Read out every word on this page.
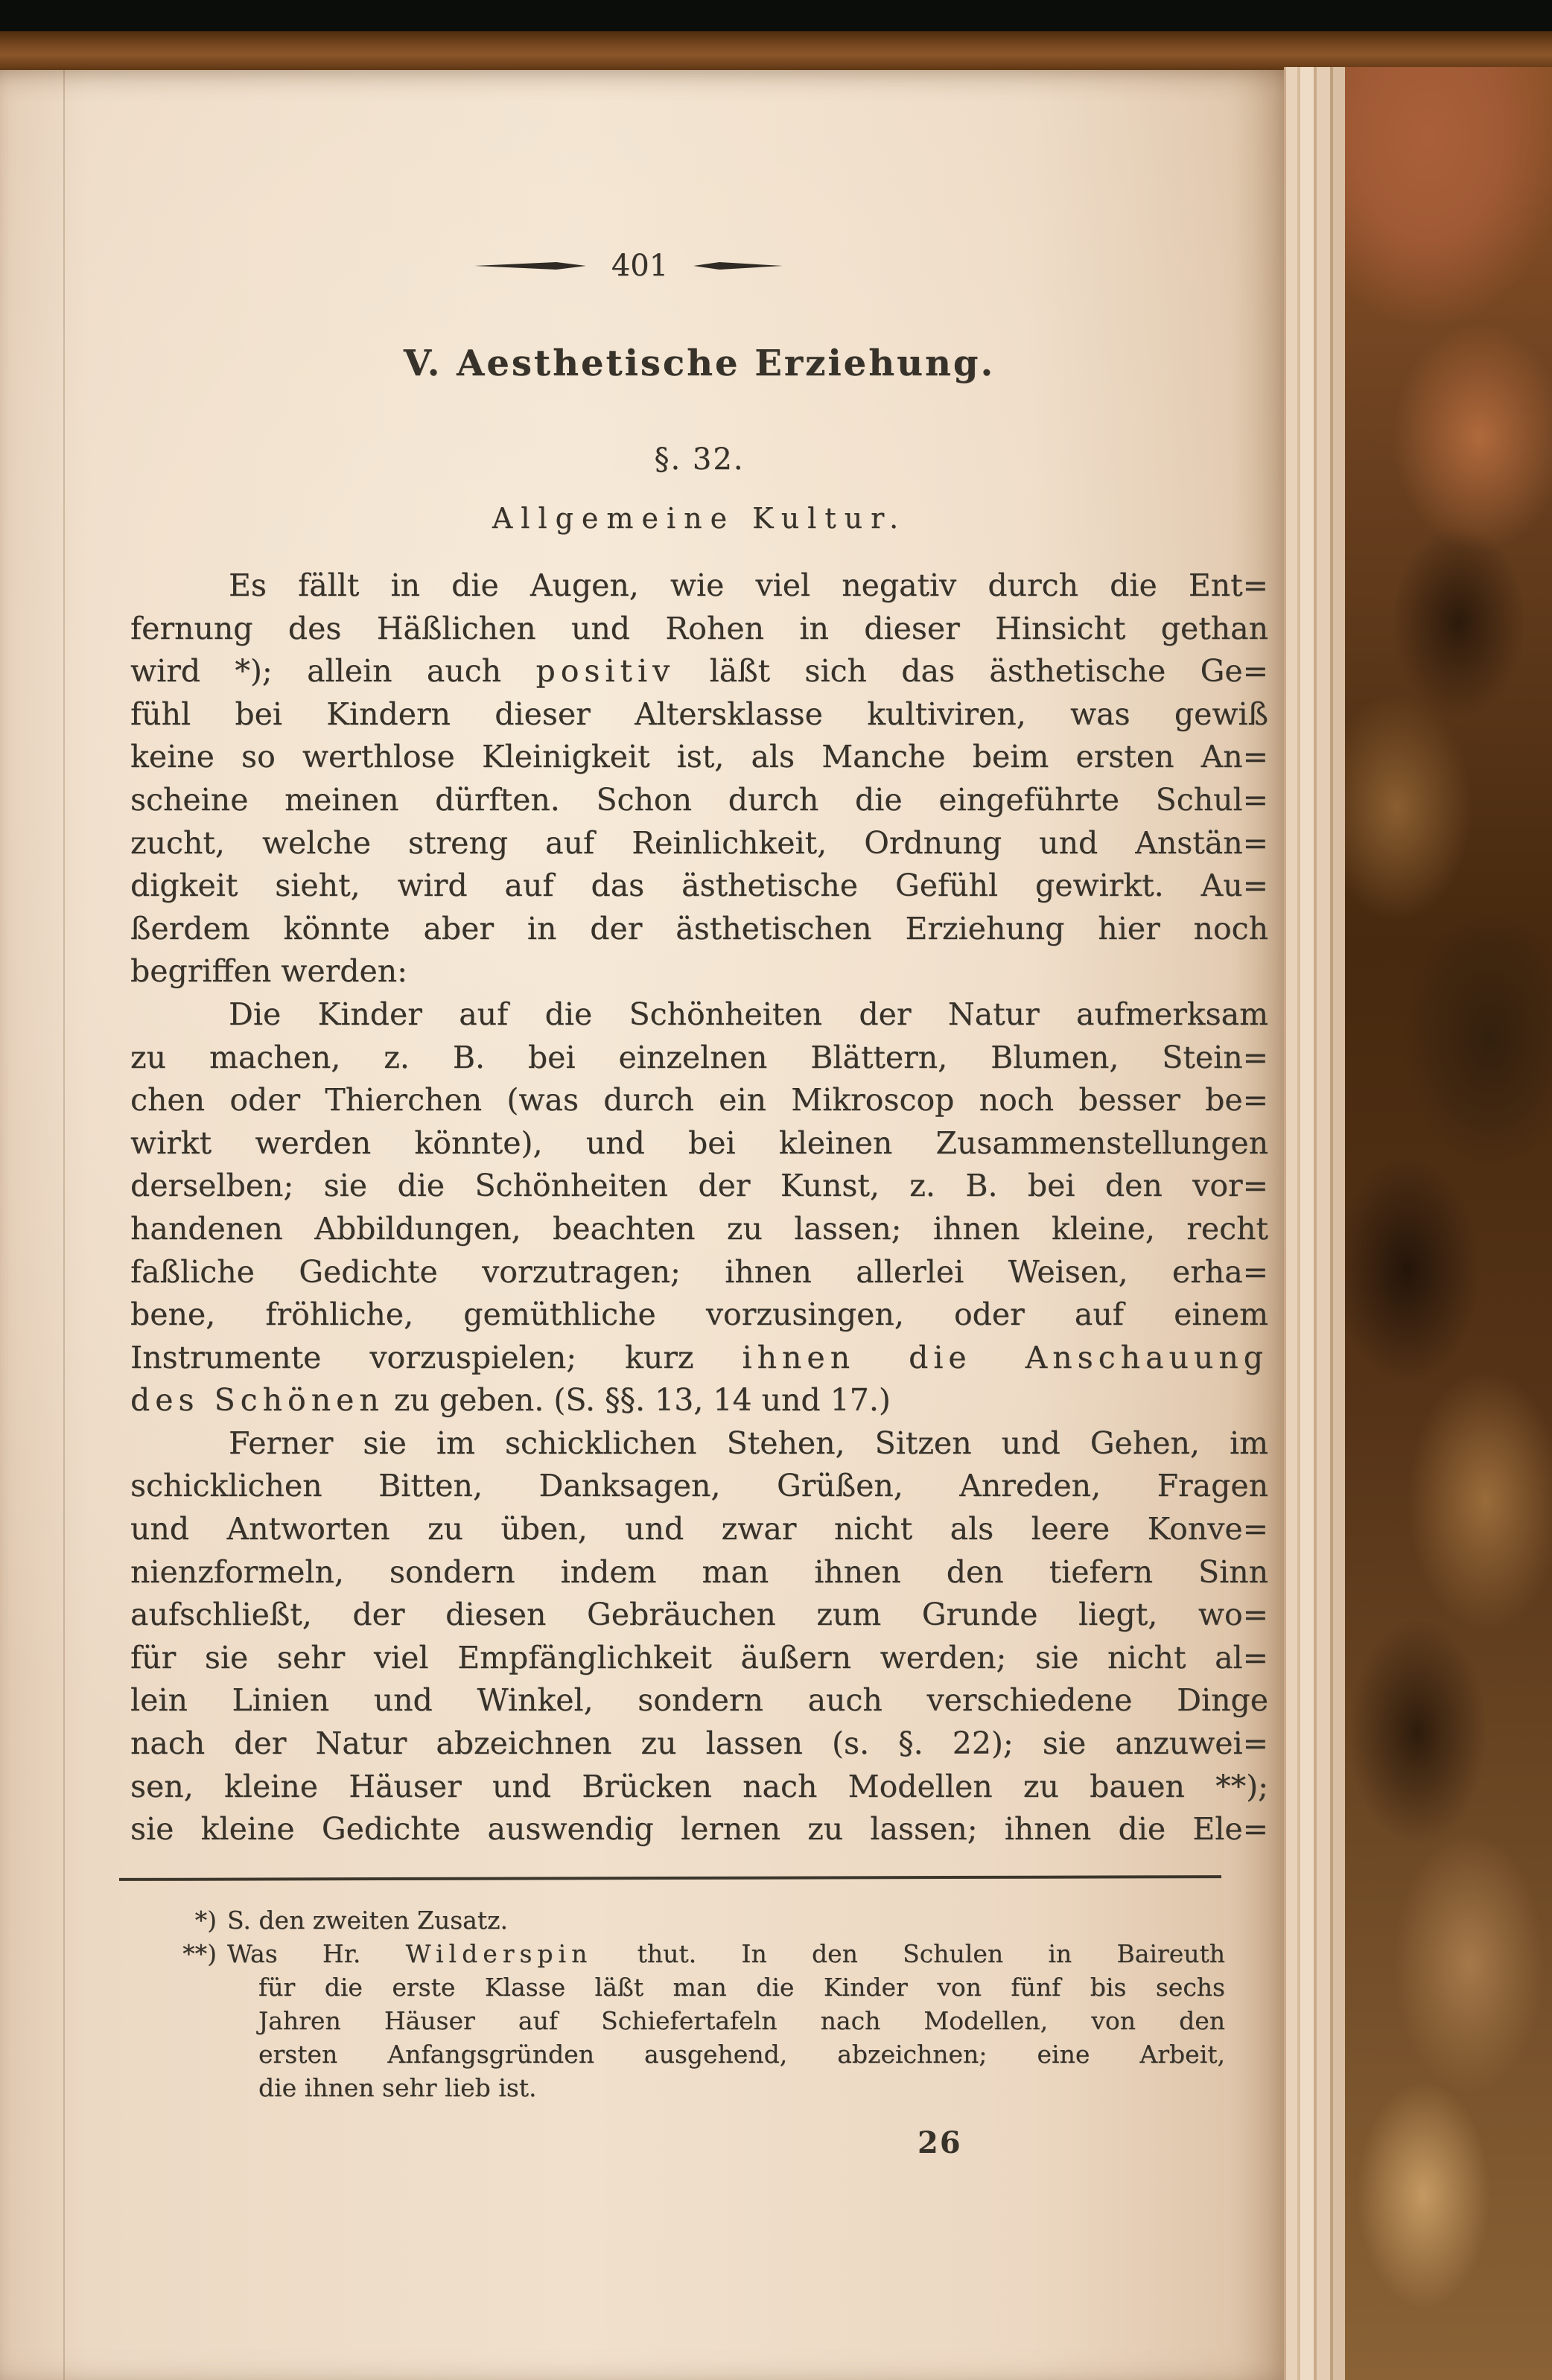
401
V. Aesthetische Erziehung.
§. 32.
Allgemeine Kultur.
Es fällt in die Augen, wie viel negativ durch die Ent=
fernung des Häßlichen und Rohen in dieser Hinsicht gethan
wird *); allein auch positiv läßt sich das ästhetische Ge=
fühl bei Kindern dieser Altersklasse kultiviren, was gewiß
keine so werthlose Kleinigkeit ist, als Manche beim ersten An=
scheine meinen dürften. Schon durch die eingeführte Schul=
zucht, welche streng auf Reinlichkeit, Ordnung und Anstän=
digkeit sieht, wird auf das ästhetische Gefühl gewirkt. Au=
ßerdem könnte aber in der ästhetischen Erziehung hier noch
begriffen werden:
Die Kinder auf die Schönheiten der Natur aufmerksam
zu machen, z. B. bei einzelnen Blättern, Blumen, Stein=
chen oder Thierchen (was durch ein Mikroscop noch besser be=
wirkt werden könnte), und bei kleinen Zusammenstellungen
derselben; sie die Schönheiten der Kunst, z. B. bei den vor=
handenen Abbildungen, beachten zu lassen; ihnen kleine, recht
faßliche Gedichte vorzutragen; ihnen allerlei Weisen, erha=
bene, fröhliche, gemüthliche vorzusingen, oder auf einem
Instrumente vorzuspielen; kurz ihnen die Anschauung
des Schönen zu geben. (S. §§. 13, 14 und 17.)
Ferner sie im schicklichen Stehen, Sitzen und Gehen, im
schicklichen Bitten, Danksagen, Grüßen, Anreden, Fragen
und Antworten zu üben, und zwar nicht als leere Konve=
nienzformeln, sondern indem man ihnen den tiefern Sinn
aufschließt, der diesen Gebräuchen zum Grunde liegt, wo=
für sie sehr viel Empfänglichkeit äußern werden; sie nicht al=
lein Linien und Winkel, sondern auch verschiedene Dinge
nach der Natur abzeichnen zu lassen (s. §. 22); sie anzuwei=
sen, kleine Häuser und Brücken nach Modellen zu bauen **);
sie kleine Gedichte auswendig lernen zu lassen; ihnen die Ele=
*) S. den zweiten Zusatz.
**) Was Hr. Wilderspin thut. In den Schulen in Baireuth
für die erste Klasse läßt man die Kinder von fünf bis sechs
Jahren Häuser auf Schiefertafeln nach Modellen, von den
ersten Anfangsgründen ausgehend, abzeichnen; eine Arbeit,
die ihnen sehr lieb ist.
26
